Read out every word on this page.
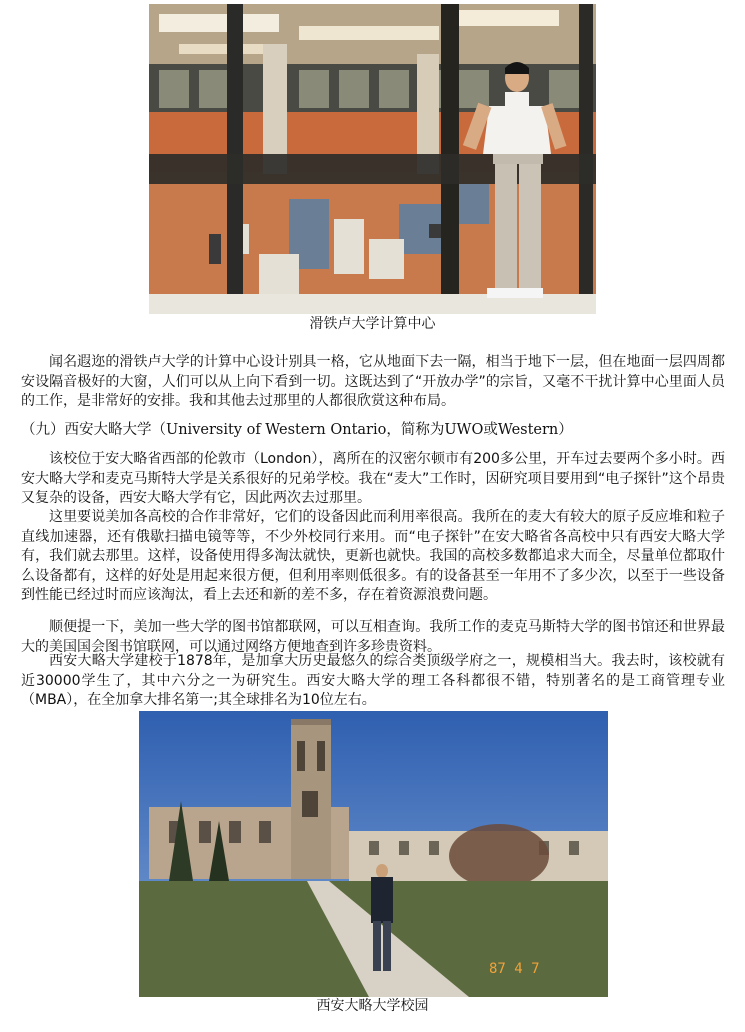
滑铁卢大学计算中心

闻名遐迩的滑铁卢大学的计算中心设计别具一格，它从地面下去一隔，相当于地下一层，但在地面一层四周都安设隔音极好的大窗，人们可以从上向下看到一切。这既达到了“开放办学”的宗旨，又毫不干扰计算中心里面人员的工作，是非常好的安排。我和其他去过那里的人都很欣赏这种布局。

（九）西安大略大学（University of Western Ontario，简称为UWO或Western）

该校位于安大略省西部的伦敦市（London），离所在的汉密尔顿市有200多公里，开车过去要两个多小时。西安大略大学和麦克马斯特大学是关系很好的兄弟学校。我在“麦大”工作时，因研究项目要用到“电子探针”这个昂贵又复杂的设备，西安大略大学有它，因此两次去过那里。

这里要说美加各高校的合作非常好，它们的设备因此而利用率很高。我所在的麦大有较大的原子反应堆和粒子直线加速器，还有俄歇扫描电镜等等，不少外校同行来用。而“电子探针”在安大略省各高校中只有西安大略大学有，我们就去那里。这样，设备使用得多淘汰就快，更新也就快。我国的高校多数都追求大而全，尽量单位都取什么设备都有，这样的好处是用起来很方便，但利用率则低很多。有的设备甚至一年用不了多少次，以至于一些设备到性能已经过时而应该淘汰，看上去还和新的差不多，存在着资源浪费问题。

顺便提一下，美加一些大学的图书馆都联网，可以互相查询。我所工作的麦克马斯特大学的图书馆还和世界最大的美国国会图书馆联网，可以通过网络方便地查到许多珍贵资料。

西安大略大学建校于1878年，是加拿大历史最悠久的综合类顶级学府之一，规模相当大。我去时，该校就有近30000学生了，其中六分之一为研究生。西安大略大学的理工各科都很不错，特别著名的是工商管理专业（MBA），在全加拿大排名第一;其全球排名为10位左右。

87 4 7
西安大略大学校园
